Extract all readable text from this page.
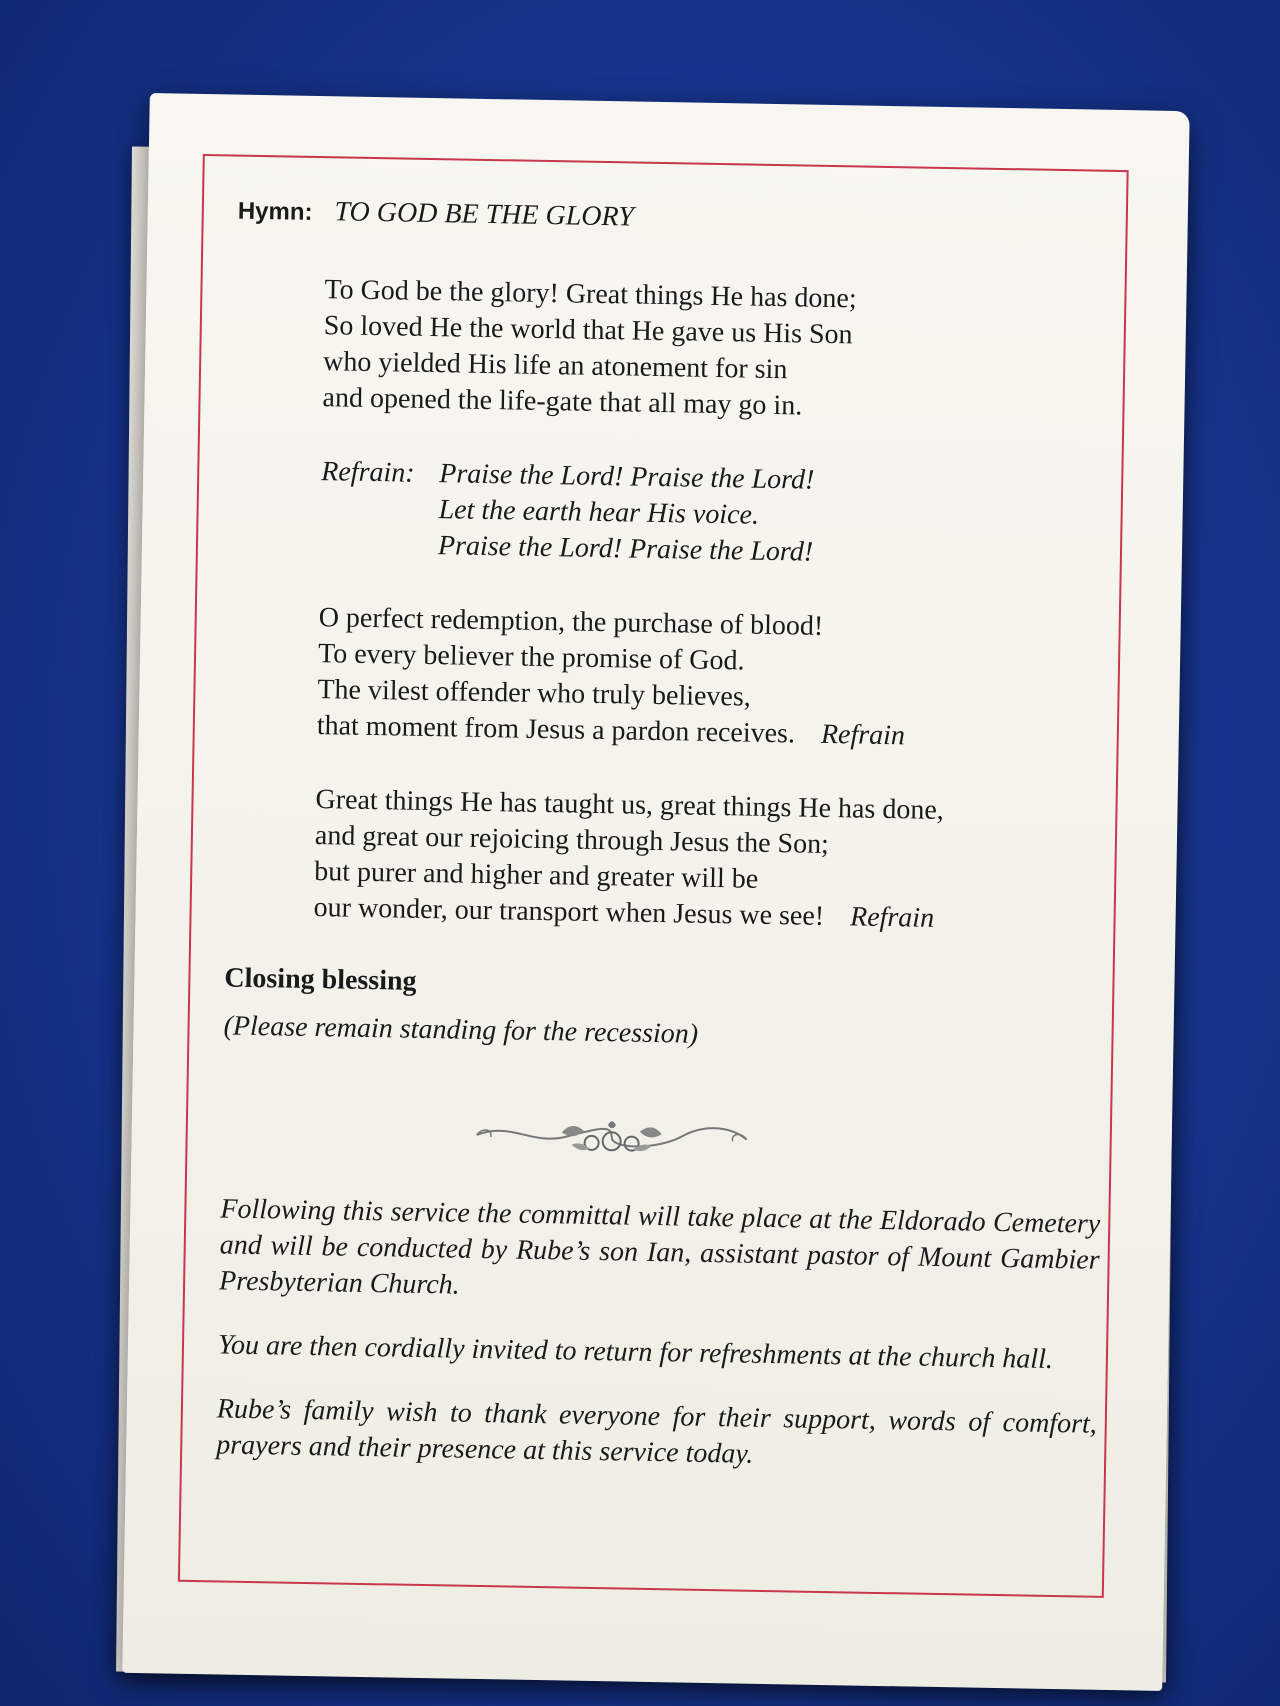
Hymn: TO GOD BE THE GLORY
To God be the glory! Great things He has done;
So loved He the world that He gave us His Son
who yielded His life an atonement for sin
and opened the life-gate that all may go in.
Refrain: Praise the Lord! Praise the Lord!
Let the earth hear His voice.
Praise the Lord! Praise the Lord!
O perfect redemption, the purchase of blood!
To every believer the promise of God.
The vilest offender who truly believes,
that moment from Jesus a pardon receives. Refrain
Great things He has taught us, great things He has done,
and great our rejoicing through Jesus the Son;
but purer and higher and greater will be
our wonder, our transport when Jesus we see! Refrain
Closing blessing
(Please remain standing for the recession)
Following this service the committal will take place at the Eldorado Cemetery and will be conducted by Rube’s son Ian, assistant pastor of Mount Gambier Presbyterian Church.
You are then cordially invited to return for refreshments at the church hall.
Rube’s family wish to thank everyone for their support, words of comfort, prayers and their presence at this service today.
